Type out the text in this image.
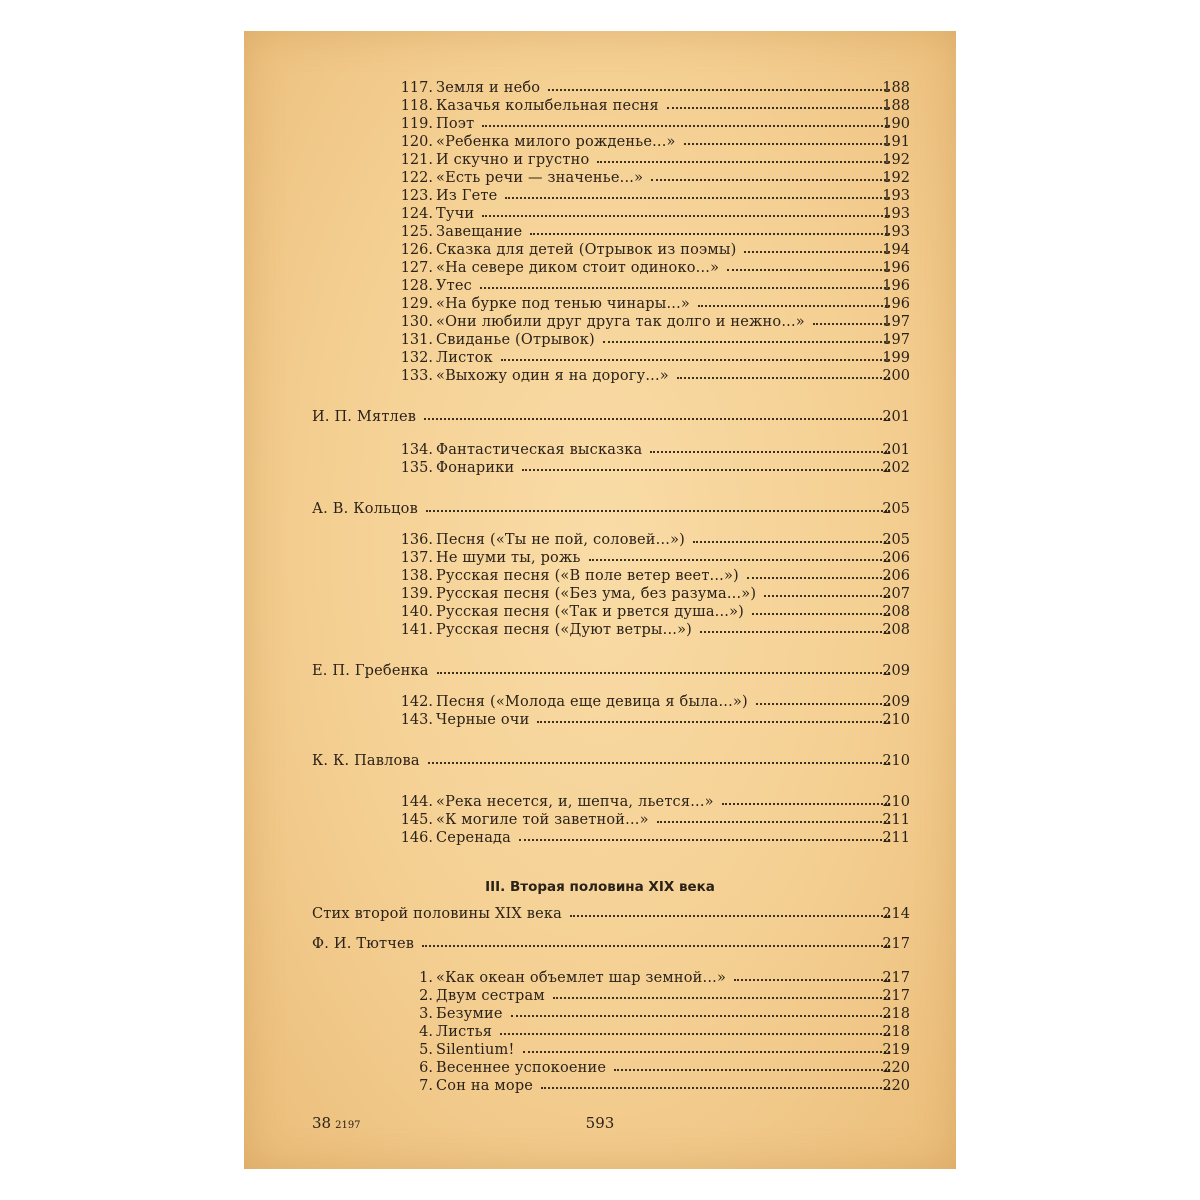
III. Вторая половина XIX века
38 2197	593
117. Земля и небо	188
118. Казачья колыбельная песня	188
119. Поэт	190
120. «Ребенка милого рожденье...»	191
121. И скучно и грустно	192
122. «Есть речи — значенье...»	192
123. Из Гете	193
124. Тучи	193
125. Завещание	193
126. Сказка для детей (Отрывок из поэмы)	194
127. «На севере диком стоит одиноко...»	196
128. Утес	196
129. «На бурке под тенью чинары...»	196
130. «Они любили друг друга так долго и нежно...»	197
131. Свиданье (Отрывок)	197
132. Листок	199
133. «Выхожу один я на дорогу...»	200
И. П. Мятлев	201
134. Фантастическая высказка	201
135. Фонарики	202
А. В. Кольцов	205
136. Песня («Ты не пой, соловей...»)	205
137. Не шуми ты, рожь	206
138. Русская песня («В поле ветер веет...»)	206
139. Русская песня («Без ума, без разума...»)	207
140. Русская песня («Так и рвется душа...»)	208
141. Русская песня («Дуют ветры...»)	208
Е. П. Гребенка	209
142. Песня («Молода еще девица я была...»)	209
143. Черные очи	210
К. К. Павлова	210
144. «Река несется, и, шепча, льется...»	210
145. «К могиле той заветной...»	211
146. Серенада	211
Стих второй половины XIX века	214
Ф. И. Тютчев	217
1. «Как океан объемлет шар земной...»	217
2. Двум сестрам	217
3. Безумие	218
4. Листья	218
5. Silentium!	219
6. Весеннее успокоение	220
7. Сон на море	220
